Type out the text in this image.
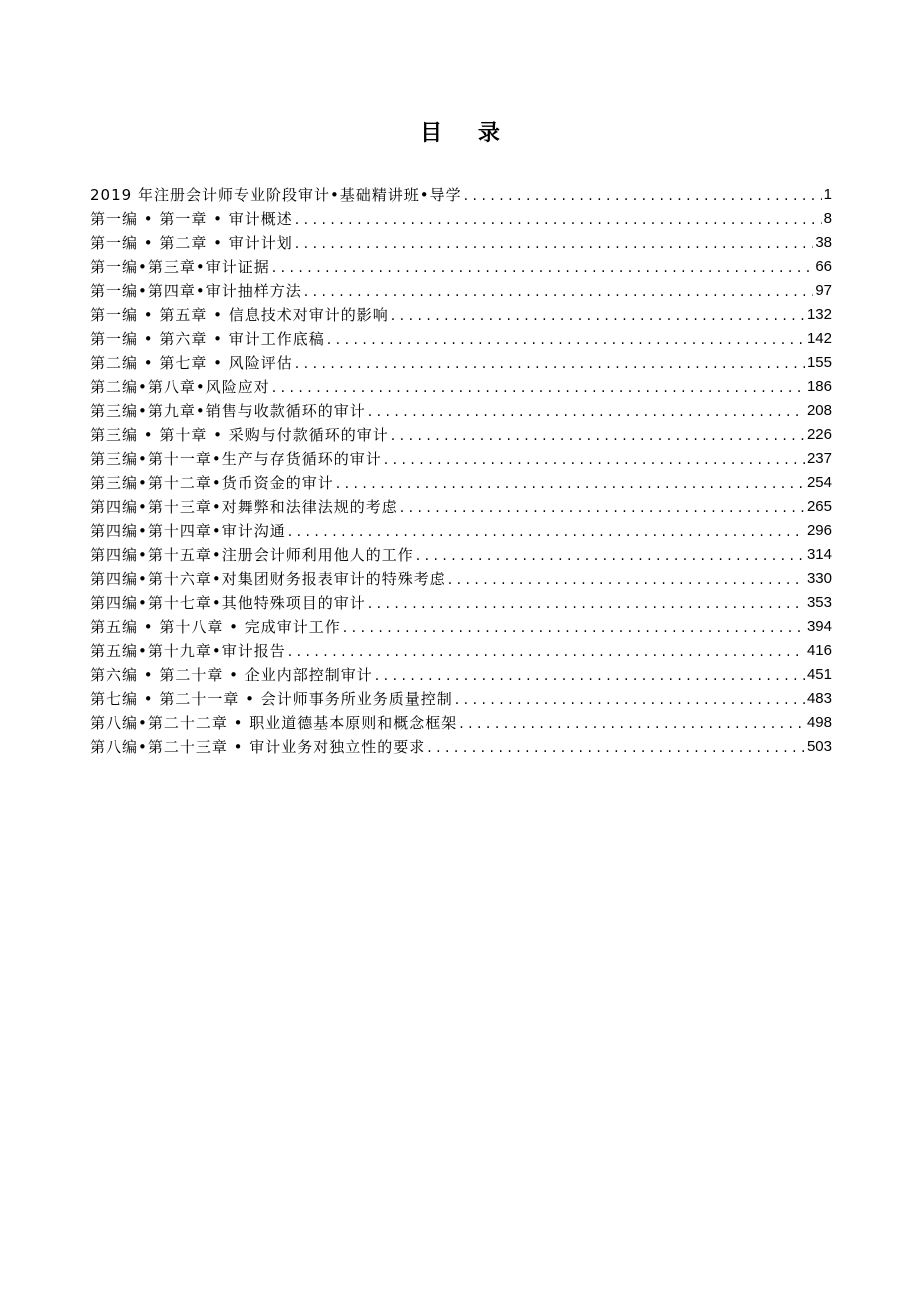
目 录
2019 年注册会计师专业阶段审计•基础精讲班•导学 . . .	1
第一编 • 第一章 • 审计概述 . . .	8
第一编 • 第二章 • 审计计划 . . .	38
第一编•第三章•审计证据 . . .	66
第一编•第四章•审计抽样方法 . . .	97
第一编 • 第五章 • 信息技术对审计的影响 . . .	132
第一编 • 第六章 • 审计工作底稿 . . .	142
第二编 • 第七章 • 风险评估 . . .	155
第二编•第八章•风险应对 . . .	186
第三编•第九章•销售与收款循环的审计 . . .	208
第三编 • 第十章 • 采购与付款循环的审计 . . .	226
第三编•第十一章•生产与存货循环的审计 . . .	237
第三编•第十二章•货币资金的审计 . . .	254
第四编•第十三章•对舞弊和法律法规的考虑 . . .	265
第四编•第十四章•审计沟通 . . .	296
第四编•第十五章•注册会计师利用他人的工作 . . .	314
第四编•第十六章•对集团财务报表审计的特殊考虑 . . .	330
第四编•第十七章•其他特殊项目的审计 . . .	353
第五编 • 第十八章 • 完成审计工作 . . .	394
第五编•第十九章•审计报告 . . .	416
第六编 • 第二十章 • 企业内部控制审计 . . .	451
第七编 • 第二十一章 • 会计师事务所业务质量控制 . . .	483
第八编•第二十二章 • 职业道德基本原则和概念框架 . . .	498
第八编•第二十三章 • 审计业务对独立性的要求 . . .	503
